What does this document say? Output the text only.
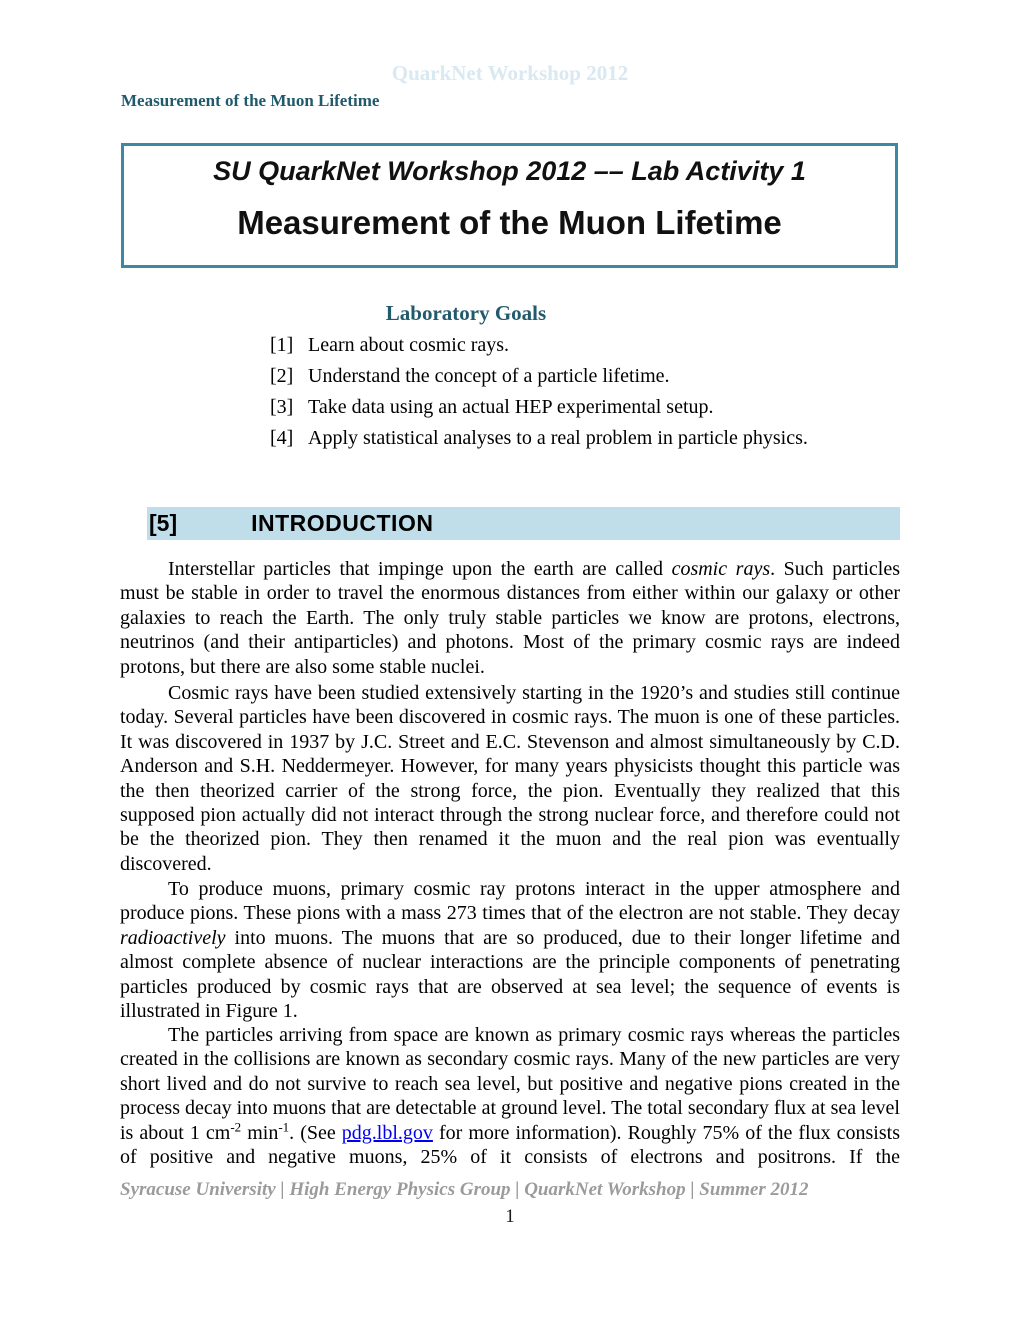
QuarkNet Workshop 2012
Measurement of the Muon Lifetime
SU QuarkNet Workshop 2012 –– Lab Activity 1
Measurement of the Muon Lifetime
Laboratory Goals
[1] Learn about cosmic rays.
[2] Understand the concept of a particle lifetime.
[3] Take data using an actual HEP experimental setup.
[4] Apply statistical analyses to a real problem in particle physics.
[5]	INTRODUCTION

Interstellar particles that impinge upon the earth are called cosmic rays. Such particles must be stable in order to travel the enormous distances from either within our galaxy or other galaxies to reach the Earth. The only truly stable particles we know are protons, electrons, neutrinos (and their antiparticles) and photons. Most of the primary cosmic rays are indeed protons, but there are also some stable nuclei.

Cosmic rays have been studied extensively starting in the 1920’s and studies still continue today. Several particles have been discovered in cosmic rays. The muon is one of these particles. It was discovered in 1937 by J.C. Street and E.C. Stevenson and almost simultaneously by C.D. Anderson and S.H. Neddermeyer. However, for many years physicists thought this particle was the then theorized carrier of the strong force, the pion. Eventually they realized that this supposed pion actually did not interact through the strong nuclear force, and therefore could not be the theorized pion. They then renamed it the muon and the real pion was eventually discovered.

To produce muons, primary cosmic ray protons interact in the upper atmosphere and produce pions. These pions with a mass 273 times that of the electron are not stable. They decay radioactively into muons. The muons that are so produced, due to their longer lifetime and almost complete absence of nuclear interactions are the principle components of penetrating particles produced by cosmic rays that are observed at sea level; the sequence of events is illustrated in Figure 1.

The particles arriving from space are known as primary cosmic rays whereas the particles created in the collisions are known as secondary cosmic rays. Many of the new particles are very short lived and do not survive to reach sea level, but positive and negative pions created in the process decay into muons that are detectable at ground level. The total secondary flux at sea level is about 1 $cm^{-2}$ $\min^{-1}$. (See pdg.lbl.gov for more information). Roughly 75% of the flux consists of positive and negative muons, 25% of it consists of electrons and positrons. If the

Syracuse University | High Energy Physics Group | QuarkNet Workshop | Summer 2012
1
